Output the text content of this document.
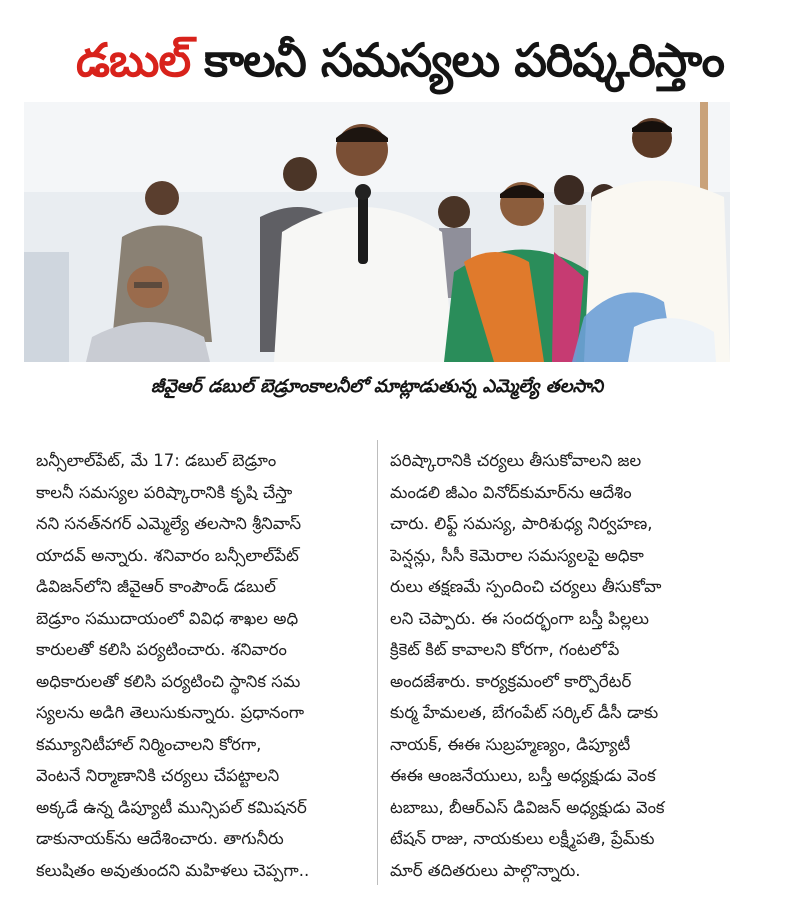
డబుల్ కాలనీ సమస్యలు పరిష్కరిస్తాం
జీవైఆర్ డబుల్ బెడ్రూంకాలనీలో మాట్లాడుతున్న ఎమ్మెల్యే తలసాని
బన్సీలాల్‌పేట్, మే 17: డబుల్ బెడ్రూం
కాలనీ సమస్యల పరిష్కారానికి కృషి చేస్తా
నని సనత్‌నగర్ ఎమ్మెల్యే తలసాని శ్రీనివాస్
యాదవ్ అన్నారు. శనివారం బన్సీలాల్‌పేట్
డివిజన్‌లోని జీవైఆర్ కాంపౌండ్ డబుల్
బెడ్రూం సముదాయంలో వివిధ శాఖల అధి
కారులతో కలిసి పర్యటించారు. శనివారం
అధికారులతో కలిసి పర్యటించి స్థానిక సమ
స్యలను అడిగి తెలుసుకున్నారు. ప్రధానంగా
కమ్యూనిటీహాల్ నిర్మించాలని కోరగా,
వెంటనే నిర్మాణానికి చర్యలు చేపట్టాలని
అక్కడే ఉన్న డిప్యూటీ మున్సిపల్ కమిషనర్
డాకునాయక్‌ను ఆదేశించారు. తాగునీరు
కలుషితం అవుతుందని మహిళలు చెప్పగా..
పరిష్కారానికి చర్యలు తీసుకోవాలని జల
మండలి జీఎం వినోద్‌కుమార్‌ను ఆదేశిం
చారు. లిఫ్ట్ సమస్య, పారిశుధ్య నిర్వహణ,
పెన్షన్లు, సీసీ కెమెరాల సమస్యలపై అధికా
రులు తక్షణమే స్పందించి చర్యలు తీసుకోవా
లని చెప్పారు. ఈ సందర్భంగా బస్తీ పిల్లలు
క్రికెట్ కిట్ కావాలని కోరగా, గంటలోపే
అందజేశారు. కార్యక్రమంలో కార్పొరేటర్
కుర్మ హేమలత, బేగంపేట్ సర్కిల్ డీసీ డాకు
నాయక్, ఈఈ సుబ్రహ్మణ్యం, డిప్యూటీ
ఈఈ ఆంజనేయులు, బస్తీ అధ్యక్షుడు వెంక
టబాబు, బీఆర్ఎస్ డివిజన్ అధ్యక్షుడు వెంక
టేషన్ రాజు, నాయకులు లక్ష్మీపతి, ప్రేమ్‌కు
మార్ తదితరులు పాల్గొన్నారు.
